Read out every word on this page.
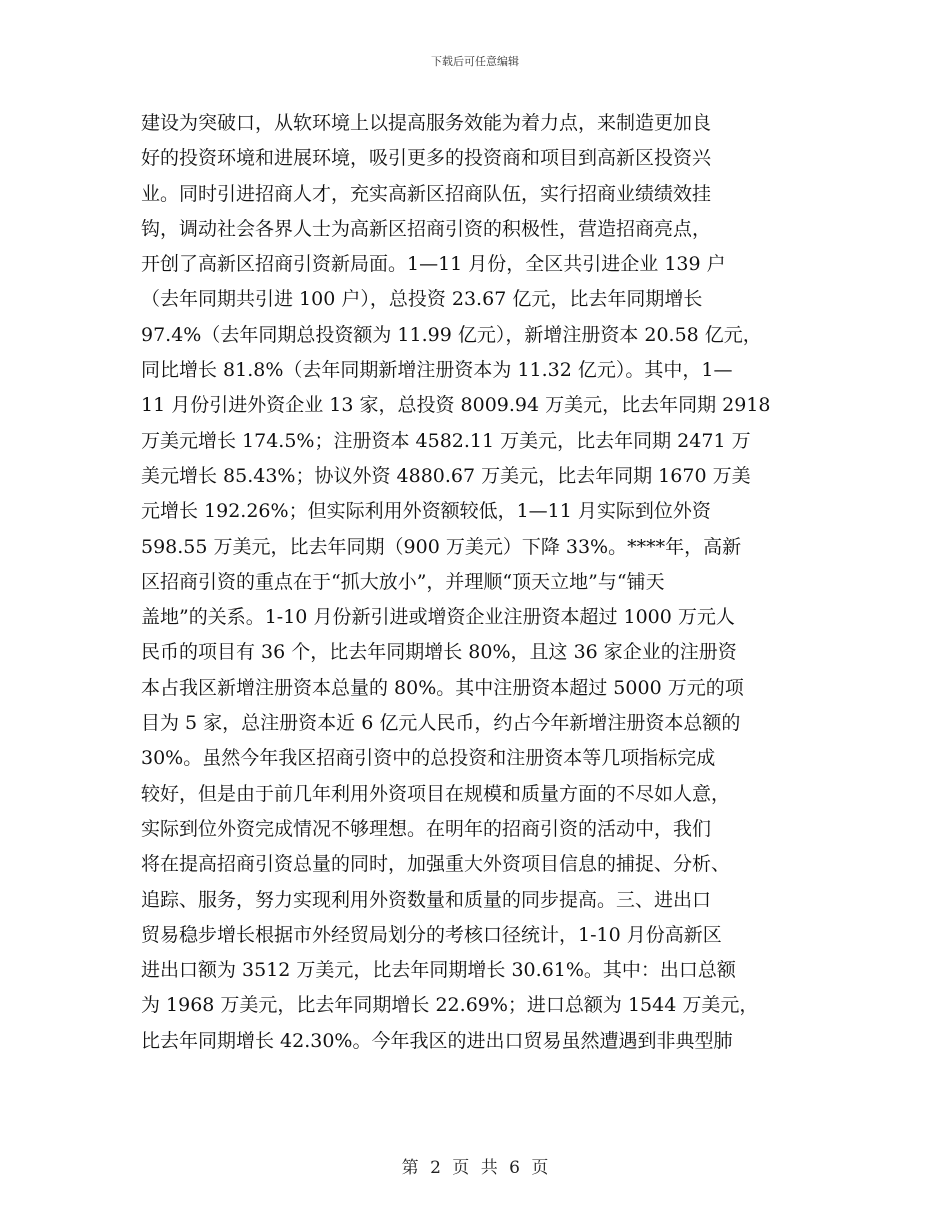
下载后可任意编辑
建设为突破口，从软环境上以提高服务效能为着力点，来制造更加良
好的投资环境和进展环境，吸引更多的投资商和项目到高新区投资兴
业。同时引进招商人才，充实高新区招商队伍，实行招商业绩绩效挂
钩，调动社会各界人士为高新区招商引资的积极性，营造招商亮点，
开创了高新区招商引资新局面。1—11 月份，全区共引进企业 139 户
（去年同期共引进 100 户），总投资 23.67 亿元，比去年同期增长
97.4%（去年同期总投资额为 11.99 亿元），新增注册资本 20.58 亿元，
同比增长 81.8%（去年同期新增注册资本为 11.32 亿元）。其中，1—
11 月份引进外资企业 13 家，总投资 8009.94 万美元，比去年同期 2918
万美元增长 174.5%；注册资本 4582.11 万美元，比去年同期 2471 万
美元增长 85.43%；协议外资 4880.67 万美元，比去年同期 1670 万美
元增长 192.26%；但实际利用外资额较低，1—11 月实际到位外资
598.55 万美元，比去年同期（900 万美元）下降 33%。****年，高新
区招商引资的重点在于“抓大放小”，并理顺“顶天立地”与“铺天
盖地”的关系。1-10 月份新引进或增资企业注册资本超过 1000 万元人
民币的项目有 36 个，比去年同期增长 80%，且这 36 家企业的注册资
本占我区新增注册资本总量的 80%。其中注册资本超过 5000 万元的项
目为 5 家，总注册资本近 6 亿元人民币，约占今年新增注册资本总额的
30%。虽然今年我区招商引资中的总投资和注册资本等几项指标完成
较好，但是由于前几年利用外资项目在规模和质量方面的不尽如人意，
实际到位外资完成情况不够理想。在明年的招商引资的活动中，我们
将在提高招商引资总量的同时，加强重大外资项目信息的捕捉、分析、
追踪、服务，努力实现利用外资数量和质量的同步提高。三、进出口
贸易稳步增长根据市外经贸局划分的考核口径统计，1-10 月份高新区
进出口额为 3512 万美元，比去年同期增长 30.61%。其中：出口总额
为 1968 万美元，比去年同期增长 22.69%；进口总额为 1544 万美元，
比去年同期增长 42.30%。今年我区的进出口贸易虽然遭遇到非典型肺
第 2 页 共 6 页
